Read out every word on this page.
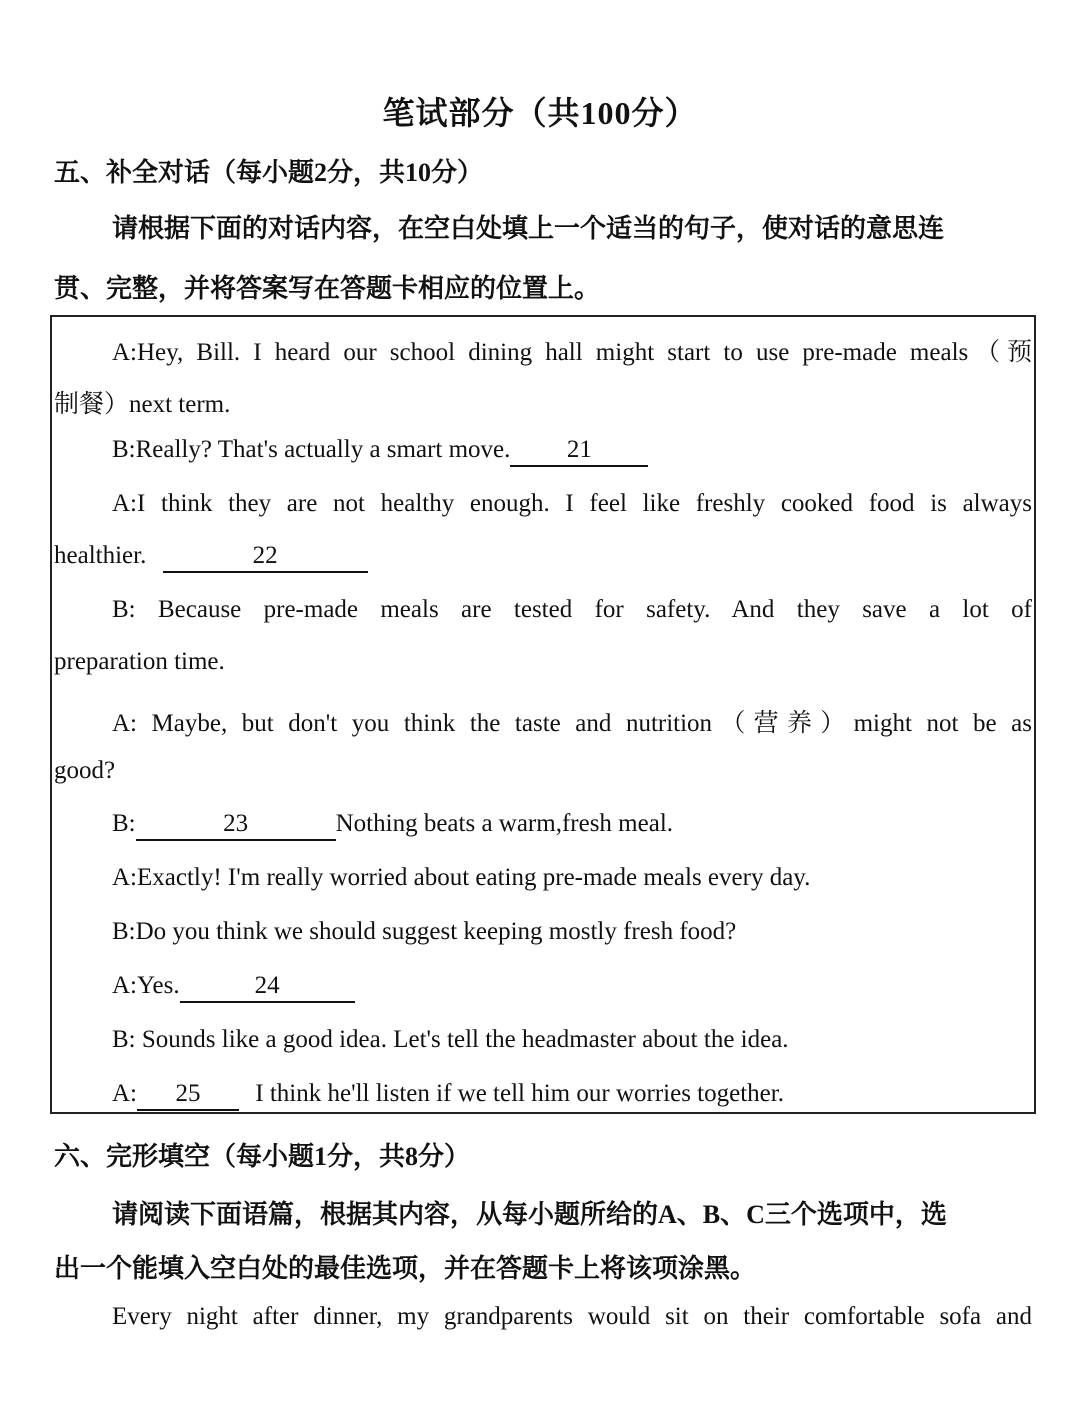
笔试部分（共100分）
五、补全对话（每小题2分，共10分）
请根据下面的对话内容，在空白处填上一个适当的句子，使对话的意思连
贯、完整，并将答案写在答题卡相应的位置上。
A:Hey, Bill. I heard our school dining hall might start to use pre-made meals（预
制餐）next term.
B:Really? That's actually a smart move. 21
A:I think they are not healthy enough. I feel like freshly cooked food is always
healthier.	22
B: Because pre-made meals are tested for safety. And they save a lot of
preparation time.
A: Maybe, but don't you think the taste and nutrition（营养）might not be as
good?
B:	23	Nothing beats a warm,fresh meal.
A:Exactly! I'm really worried about eating pre-made meals every day.
B:Do you think we should suggest keeping mostly fresh food?
A:Yes.	24
B: Sounds like a good idea. Let's tell the headmaster about the idea.
A: 25 I think he'll listen if we tell him our worries together.
六、完形填空（每小题1分，共8分）
请阅读下面语篇，根据其内容，从每小题所给的A、B、C三个选项中，选
出一个能填入空白处的最佳选项，并在答题卡上将该项涂黑。
Every night after dinner, my grandparents would sit on their comfortable sofa and
